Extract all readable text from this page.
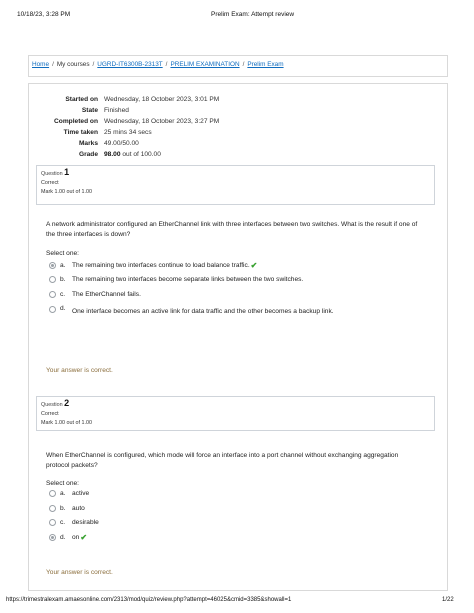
10/18/23, 3:28 PM	Prelim Exam: Attempt review
Home / My courses / UGRD-IT6300B-2313T / PRELIM EXAMINATION / Prelim Exam
Started on Wednesday, 18 October 2023, 3:01 PM
State Finished
Completed on Wednesday, 18 October 2023, 3:27 PM
Time taken 25 mins 34 secs
Marks 49.00/50.00
Grade 98.00 out of 100.00
Question 1
Correct
Mark 1.00 out of 1.00
A network administrator configured an EtherChannel link with three interfaces between two switches. What is the result if one of the three interfaces is down?
Select one:
a. The remaining two interfaces continue to load balance traffic. ✔
b. The remaining two interfaces become separate links between the two switches.
c.	The EtherChannel fails.
d. One interface becomes an active link for data traffic and the other becomes a backup link.
Your answer is correct.
Question 2
Correct
Mark 1.00 out of 1.00
When EtherChannel is configured, which mode will force an interface into a port channel without exchanging aggregation protocol packets?
Select one:
a. active
b. auto
c.	desirable
d. on ✔
Your answer is correct.
https://trimestralexam.amaesonline.com/2313/mod/quiz/review.php?attempt=46025&cmid=3385&showall=1	1/22
